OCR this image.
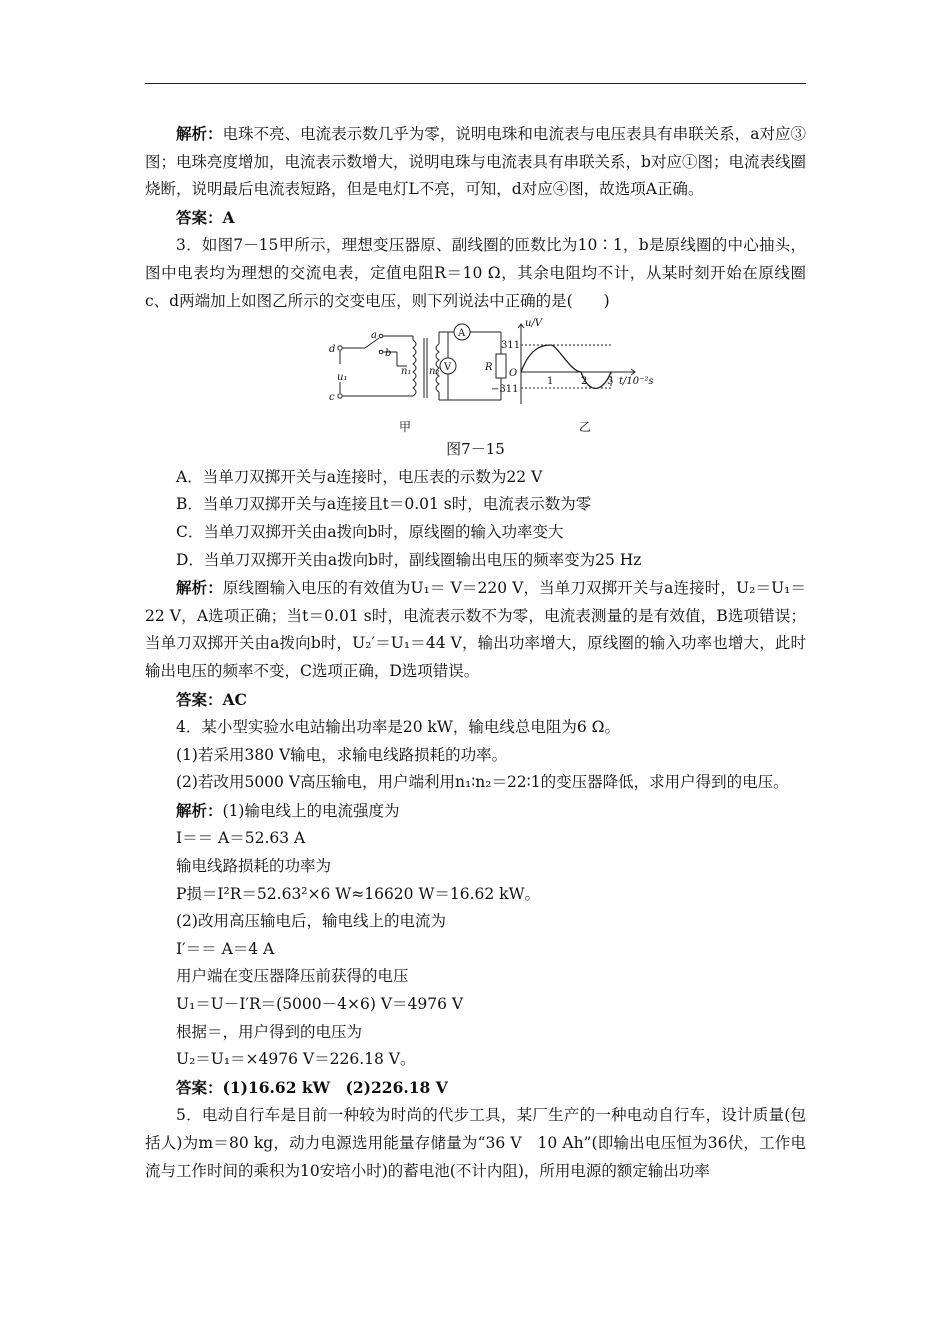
解析：电珠不亮、电流表示数几乎为零，说明电珠和电流表与电压表具有串联关系，a对应③图；电珠亮度增加，电流表示数增大，说明电珠与电流表具有串联关系，b对应①图；电流表线圈烧断，说明最后电流表短路，但是电灯L不亮，可知，d对应④图，故选项A正确。

答案：A

3．如图7－15甲所示，理想变压器原、副线圈的匝数比为10∶1，b是原线圈的中心抽头，图中电表均为理想的交流电表，定值电阻R＝10 Ω，其余电阻均不计，从某时刻开始在原线圈c、d两端加上如图乙所示的交变电压，则下列说法中正确的是(　　)

d
c
a
b
u₁
n₁ n₂	R
A
V
u/V
311
O
−311
1	2 3 t/10⁻²s
甲	乙

图7－15

A．当单刀双掷开关与a连接时，电压表的示数为22 V

B．当单刀双掷开关与a连接且t＝0.01 s时，电流表示数为零

C．当单刀双掷开关由a拨向b时，原线圈的输入功率变大

D．当单刀双掷开关由a拨向b时，副线圈输出电压的频率变为25 Hz

解析：原线圈输入电压的有效值为U₁＝ V＝220 V，当单刀双掷开关与a连接时，U₂＝U₁＝22 V，A选项正确；当t＝0.01 s时，电流表示数不为零，电流表测量的是有效值，B选项错误；当单刀双掷开关由a拨向b时，U₂′＝U₁＝44 V，输出功率增大，原线圈的输入功率也增大，此时输出电压的频率不变，C选项正确，D选项错误。

答案：AC

4．某小型实验水电站输出功率是20 kW，输电线总电阻为6 Ω。

(1)若采用380 V输电，求输电线路损耗的功率。

(2)若改用5000 V高压输电，用户端利用n₁∶n₂＝22∶1的变压器降低，求用户得到的电压。

解析：(1)输电线上的电流强度为

I＝＝ A＝52.63 A

输电线路损耗的功率为

P损＝I²R＝52.63²×6 W≈16620 W＝16.62 kW。

(2)改用高压输电后，输电线上的电流为

I′＝＝ A＝4 A

用户端在变压器降压前获得的电压

U₁＝U－I′R＝(5000－4×6) V＝4976 V

根据＝，用户得到的电压为

U₂＝U₁＝×4976 V＝226.18 V。

答案：(1)16.62 kW　(2)226.18 V

5．电动自行车是目前一种较为时尚的代步工具，某厂生产的一种电动自行车，设计质量(包括人)为m＝80 kg，动力电源选用能量存储量为“36 V　10 Ah”(即输出电压恒为36伏，工作电流与工作时间的乘积为10安培小时)的蓄电池(不计内阻)，所用电源的额定输出功率
